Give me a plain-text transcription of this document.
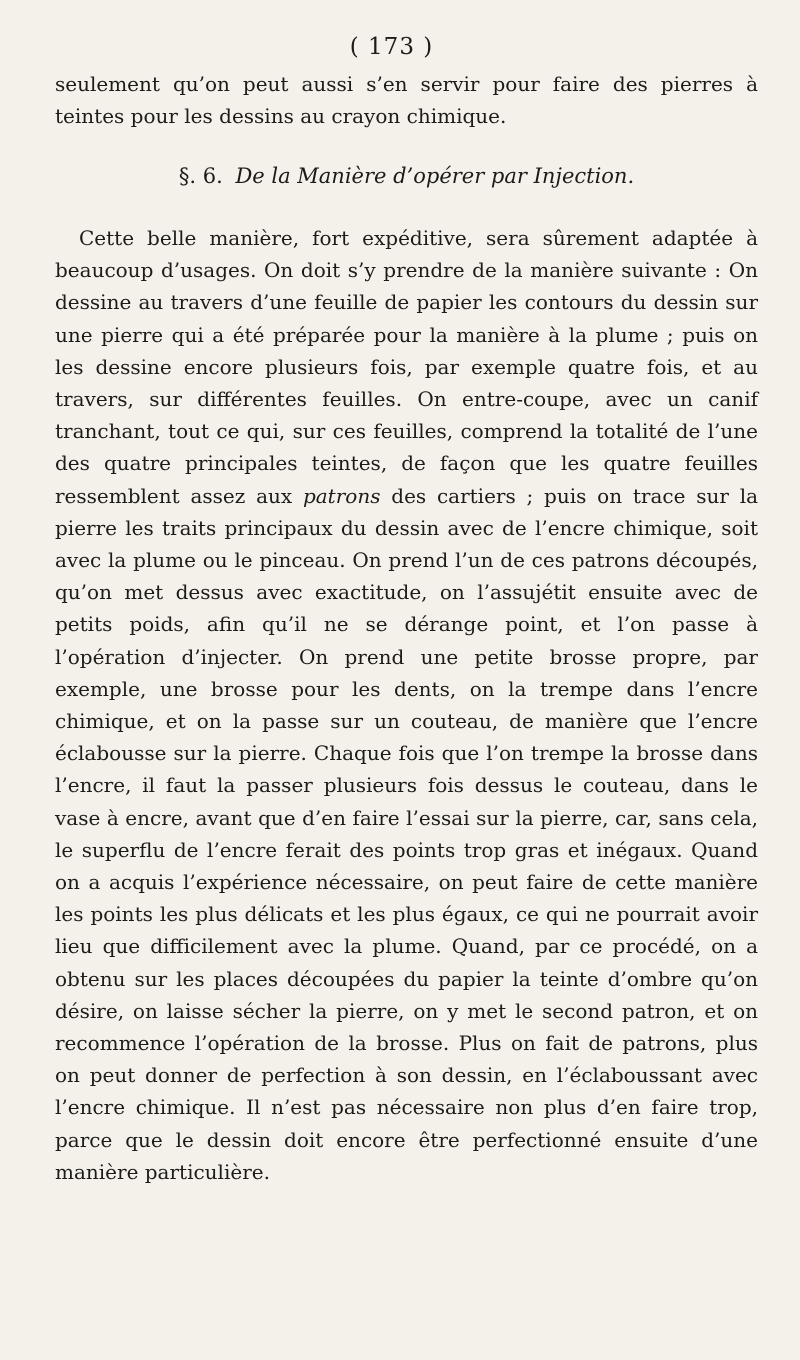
( 173 )

seulement qu’on peut aussi s’en servir pour faire des pierres à teintes pour les dessins au crayon chimique.

§. 6. De la Manière d’opérer par Injection.

Cette belle manière, fort expéditive, sera sûrement adaptée à beaucoup d’usages. On doit s’y prendre de la manière suivante : On dessine au travers d’une feuille de papier les contours du dessin sur une pierre qui a été préparée pour la manière à la plume ; puis on les dessine encore plusieurs fois, par exemple quatre fois, et au travers, sur différentes feuilles. On entre-coupe, avec un canif tranchant, tout ce qui, sur ces feuilles, comprend la totalité de l’une des quatre principales teintes, de façon que les quatre feuilles ressemblent assez aux patrons des cartiers ; puis on trace sur la pierre les traits principaux du dessin avec de l’encre chimique, soit avec la plume ou le pinceau. On prend l’un de ces patrons découpés, qu’on met dessus avec exactitude, on l’assujétit ensuite avec de petits poids, afin qu’il ne se dérange point, et l’on passe à l’opération d’injecter. On prend une petite brosse propre, par exemple, une brosse pour les dents, on la trempe dans l’encre chimique, et on la passe sur un couteau, de manière que l’encre éclabousse sur la pierre. Chaque fois que l’on trempe la brosse dans l’encre, il faut la passer plusieurs fois dessus le couteau, dans le vase à encre, avant que d’en faire l’essai sur la pierre, car, sans cela, le superflu de l’encre ferait des points trop gras et inégaux. Quand on a acquis l’expérience nécessaire, on peut faire de cette manière les points les plus délicats et les plus égaux, ce qui ne pourrait avoir lieu que difficilement avec la plume. Quand, par ce procédé, on a obtenu sur les places découpées du papier la teinte d’ombre qu’on désire, on laisse sécher la pierre, on y met le second patron, et on recommence l’opération de la brosse. Plus on fait de patrons, plus on peut donner de perfection à son dessin, en l’éclaboussant avec l’encre chimique. Il n’est pas nécessaire non plus d’en faire trop, parce que le dessin doit encore être perfectionné ensuite d’une manière particulière.
